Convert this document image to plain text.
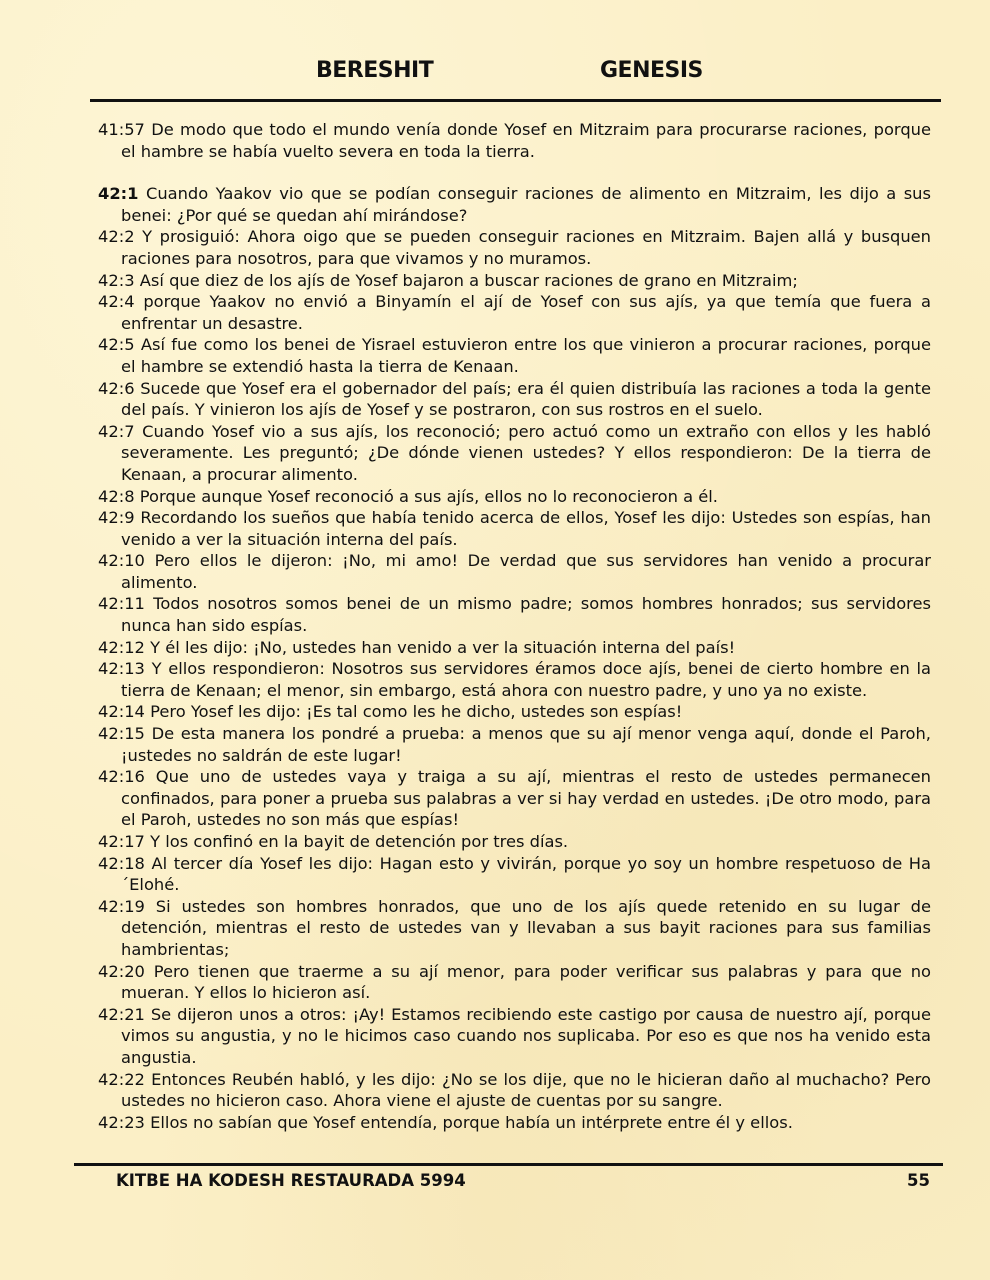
BERESHIT	GENESIS

41:57 De modo que todo el mundo venía donde Yosef en Mitzraim para procurarse raciones, porque el hambre se había vuelto severa en toda la tierra.

42:1 Cuando Yaakov vio que se podían conseguir raciones de alimento en Mitzraim, les dijo a sus benei: ¿Por qué se quedan ahí mirándose?

42:2 Y prosiguió: Ahora oigo que se pueden conseguir raciones en Mitzraim. Bajen allá y busquen raciones para nosotros, para que vivamos y no muramos.

42:3 Así que diez de los ajís de Yosef bajaron a buscar raciones de grano en Mitzraim;

42:4 porque Yaakov no envió a Binyamín el ají de Yosef con sus ajís, ya que temía que fuera a enfrentar un desastre.

42:5 Así fue como los benei de Yisrael estuvieron entre los que vinieron a procurar raciones, porque el hambre se extendió hasta la tierra de Kenaan.

42:6 Sucede que Yosef era el gobernador del país; era él quien distribuía las raciones a toda la gente del país. Y vinieron los ajís de Yosef y se postraron, con sus rostros en el suelo.

42:7 Cuando Yosef vio a sus ajís, los reconoció; pero actuó como un extraño con ellos y les habló severamente. Les preguntó; ¿De dónde vienen ustedes? Y ellos respondieron: De la tierra de Kenaan, a procurar alimento.

42:8 Porque aunque Yosef reconoció a sus ajís, ellos no lo reconocieron a él.

42:9 Recordando los sueños que había tenido acerca de ellos, Yosef les dijo: Ustedes son espías, han venido a ver la situación interna del país.

42:10 Pero ellos le dijeron: ¡No, mi amo! De verdad que sus servidores han venido a procurar alimento.

42:11 Todos nosotros somos benei de un mismo padre; somos hombres honrados; sus servidores nunca han sido espías.

42:12 Y él les dijo: ¡No, ustedes han venido a ver la situación interna del país!

42:13 Y ellos respondieron: Nosotros sus servidores éramos doce ajís, benei de cierto hombre en la tierra de Kenaan; el menor, sin embargo, está ahora con nuestro padre, y uno ya no existe.

42:14 Pero Yosef les dijo: ¡Es tal como les he dicho, ustedes son espías!

42:15 De esta manera los pondré a prueba: a menos que su ají menor venga aquí, donde el Paroh, ¡ustedes no saldrán de este lugar!

42:16 Que uno de ustedes vaya y traiga a su ají, mientras el resto de ustedes permanecen confinados, para poner a prueba sus palabras a ver si hay verdad en ustedes. ¡De otro modo, para el Paroh, ustedes no son más que espías!

42:17 Y los confinó en la bayit de detención por tres días.

42:18 Al tercer día Yosef les dijo: Hagan esto y vivirán, porque yo soy un hombre respetuoso de Ha´Elohé.

42:19 Si ustedes son hombres honrados, que uno de los ajís quede retenido en su lugar de detención, mientras el resto de ustedes van y llevaban a sus bayit raciones para sus familias hambrientas;

42:20 Pero tienen que traerme a su ají menor, para poder verificar sus palabras y para que no mueran. Y ellos lo hicieron así.

42:21 Se dijeron unos a otros: ¡Ay! Estamos recibiendo este castigo por causa de nuestro ají, porque vimos su angustia, y no le hicimos caso cuando nos suplicaba. Por eso es que nos ha venido esta angustia.

42:22 Entonces Reubén habló, y les dijo: ¿No se los dije, que no le hicieran daño al muchacho? Pero ustedes no hicieron caso. Ahora viene el ajuste de cuentas por su sangre.

42:23 Ellos no sabían que Yosef entendía, porque había un intérprete entre él y ellos.

KITBE HA KODESH RESTAURADA 5994	55
